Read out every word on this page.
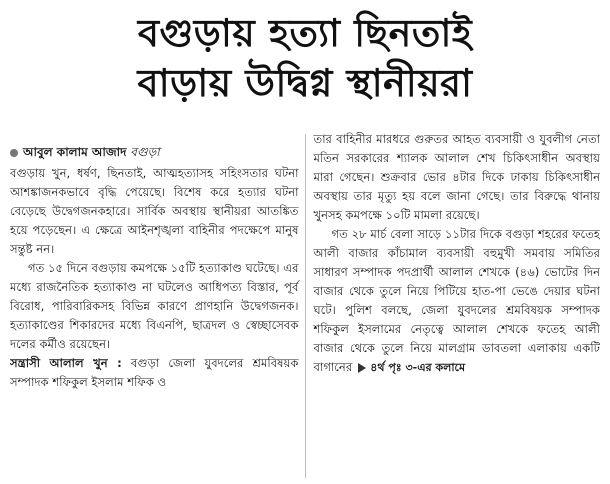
বগুড়ায় হত্যা ছিনতাই
বাড়ায় উদ্বিগ্ন স্থানীয়রা
আবুল কালাম আজাদ বগুড়া

বগুড়ায় খুন, ধর্ষণ, ছিনতাই, আত্মহত্যাসহ সহিংসতার ঘটনা আশঙ্কাজনকভাবে বৃদ্ধি পেয়েছে। বিশেষ করে হত্যার ঘটনা বেড়েছে উদ্বেগজনকহারে। সার্বিক অবস্থায় স্থানীয়রা আতঙ্কিত হয়ে পড়েছেন। এ ক্ষেত্রে আইনশৃঙ্খলা বাহিনীর পদক্ষেপে মানুষ সন্তুষ্ট নন।

গত ১৫ দিনে বগুড়ায় কমপক্ষে ১৫টি হত্যাকাণ্ড ঘটেছে। এর মধ্যে রাজনৈতিক হত্যাকাণ্ড না ঘটলেও আধিপত্য বিস্তার, পূর্ব বিরোধ, পারিবারিকসহ বিভিন্ন কারণে প্রাণহানি উদ্বেগজনক। হত্যাকাণ্ডের শিকারদের মধ্যে বিএনপি, ছাত্রদল ও স্বেচ্ছাসেবক দলের কর্মীও রয়েছেন।

সন্ত্রাসী আলাল খুন : বগুড়া জেলা যুবদলের শ্রমবিষয়ক সম্পাদক শফিকুল ইসলাম শফিক ও

তার বাহিনীর মারধরে গুরুতর আহত ব্যবসায়ী ও যুবলীগ নেতা মতিন সরকারের শ্যালক আলাল শেখ চিকিৎসাধীন অবস্থায় মারা গেছেন। শুক্রবার ভোর ৪টার দিকে ঢাকায় চিকিৎসাধীন অবস্থায় তার মৃত্যু হয় বলে জানা গেছে। তার বিরুদ্ধে থানায় খুনসহ কমপক্ষে ১০টি মামলা রয়েছে।

গত ২৮ মার্চ বেলা সাড়ে ১১টার দিকে বগুড়া শহরের ফতেহ আলী বাজার কাঁচামাল ব্যবসায়ী বহুমুখী সমবায় সমিতির সাধারণ সম্পাদক পদপ্রার্থী আলাল শেখকে (৪৬) ভোটের দিন বাজার থেকে তুলে নিয়ে পিটিয়ে হাত-পা ভেঙে দেয়ার ঘটনা ঘটে। পুলিশ বলছে, জেলা যুবদলের শ্রমবিষয়ক সম্পাদক শফিকুল ইসলামের নেতৃত্বে আলাল শেখকে ফতেহ আলী বাজার থেকে তুলে নিয়ে মালগ্রাম ডাবতলা এলাকায় একটি বাগানের ৪র্থ পৃঃ ৩-এর কলামে
